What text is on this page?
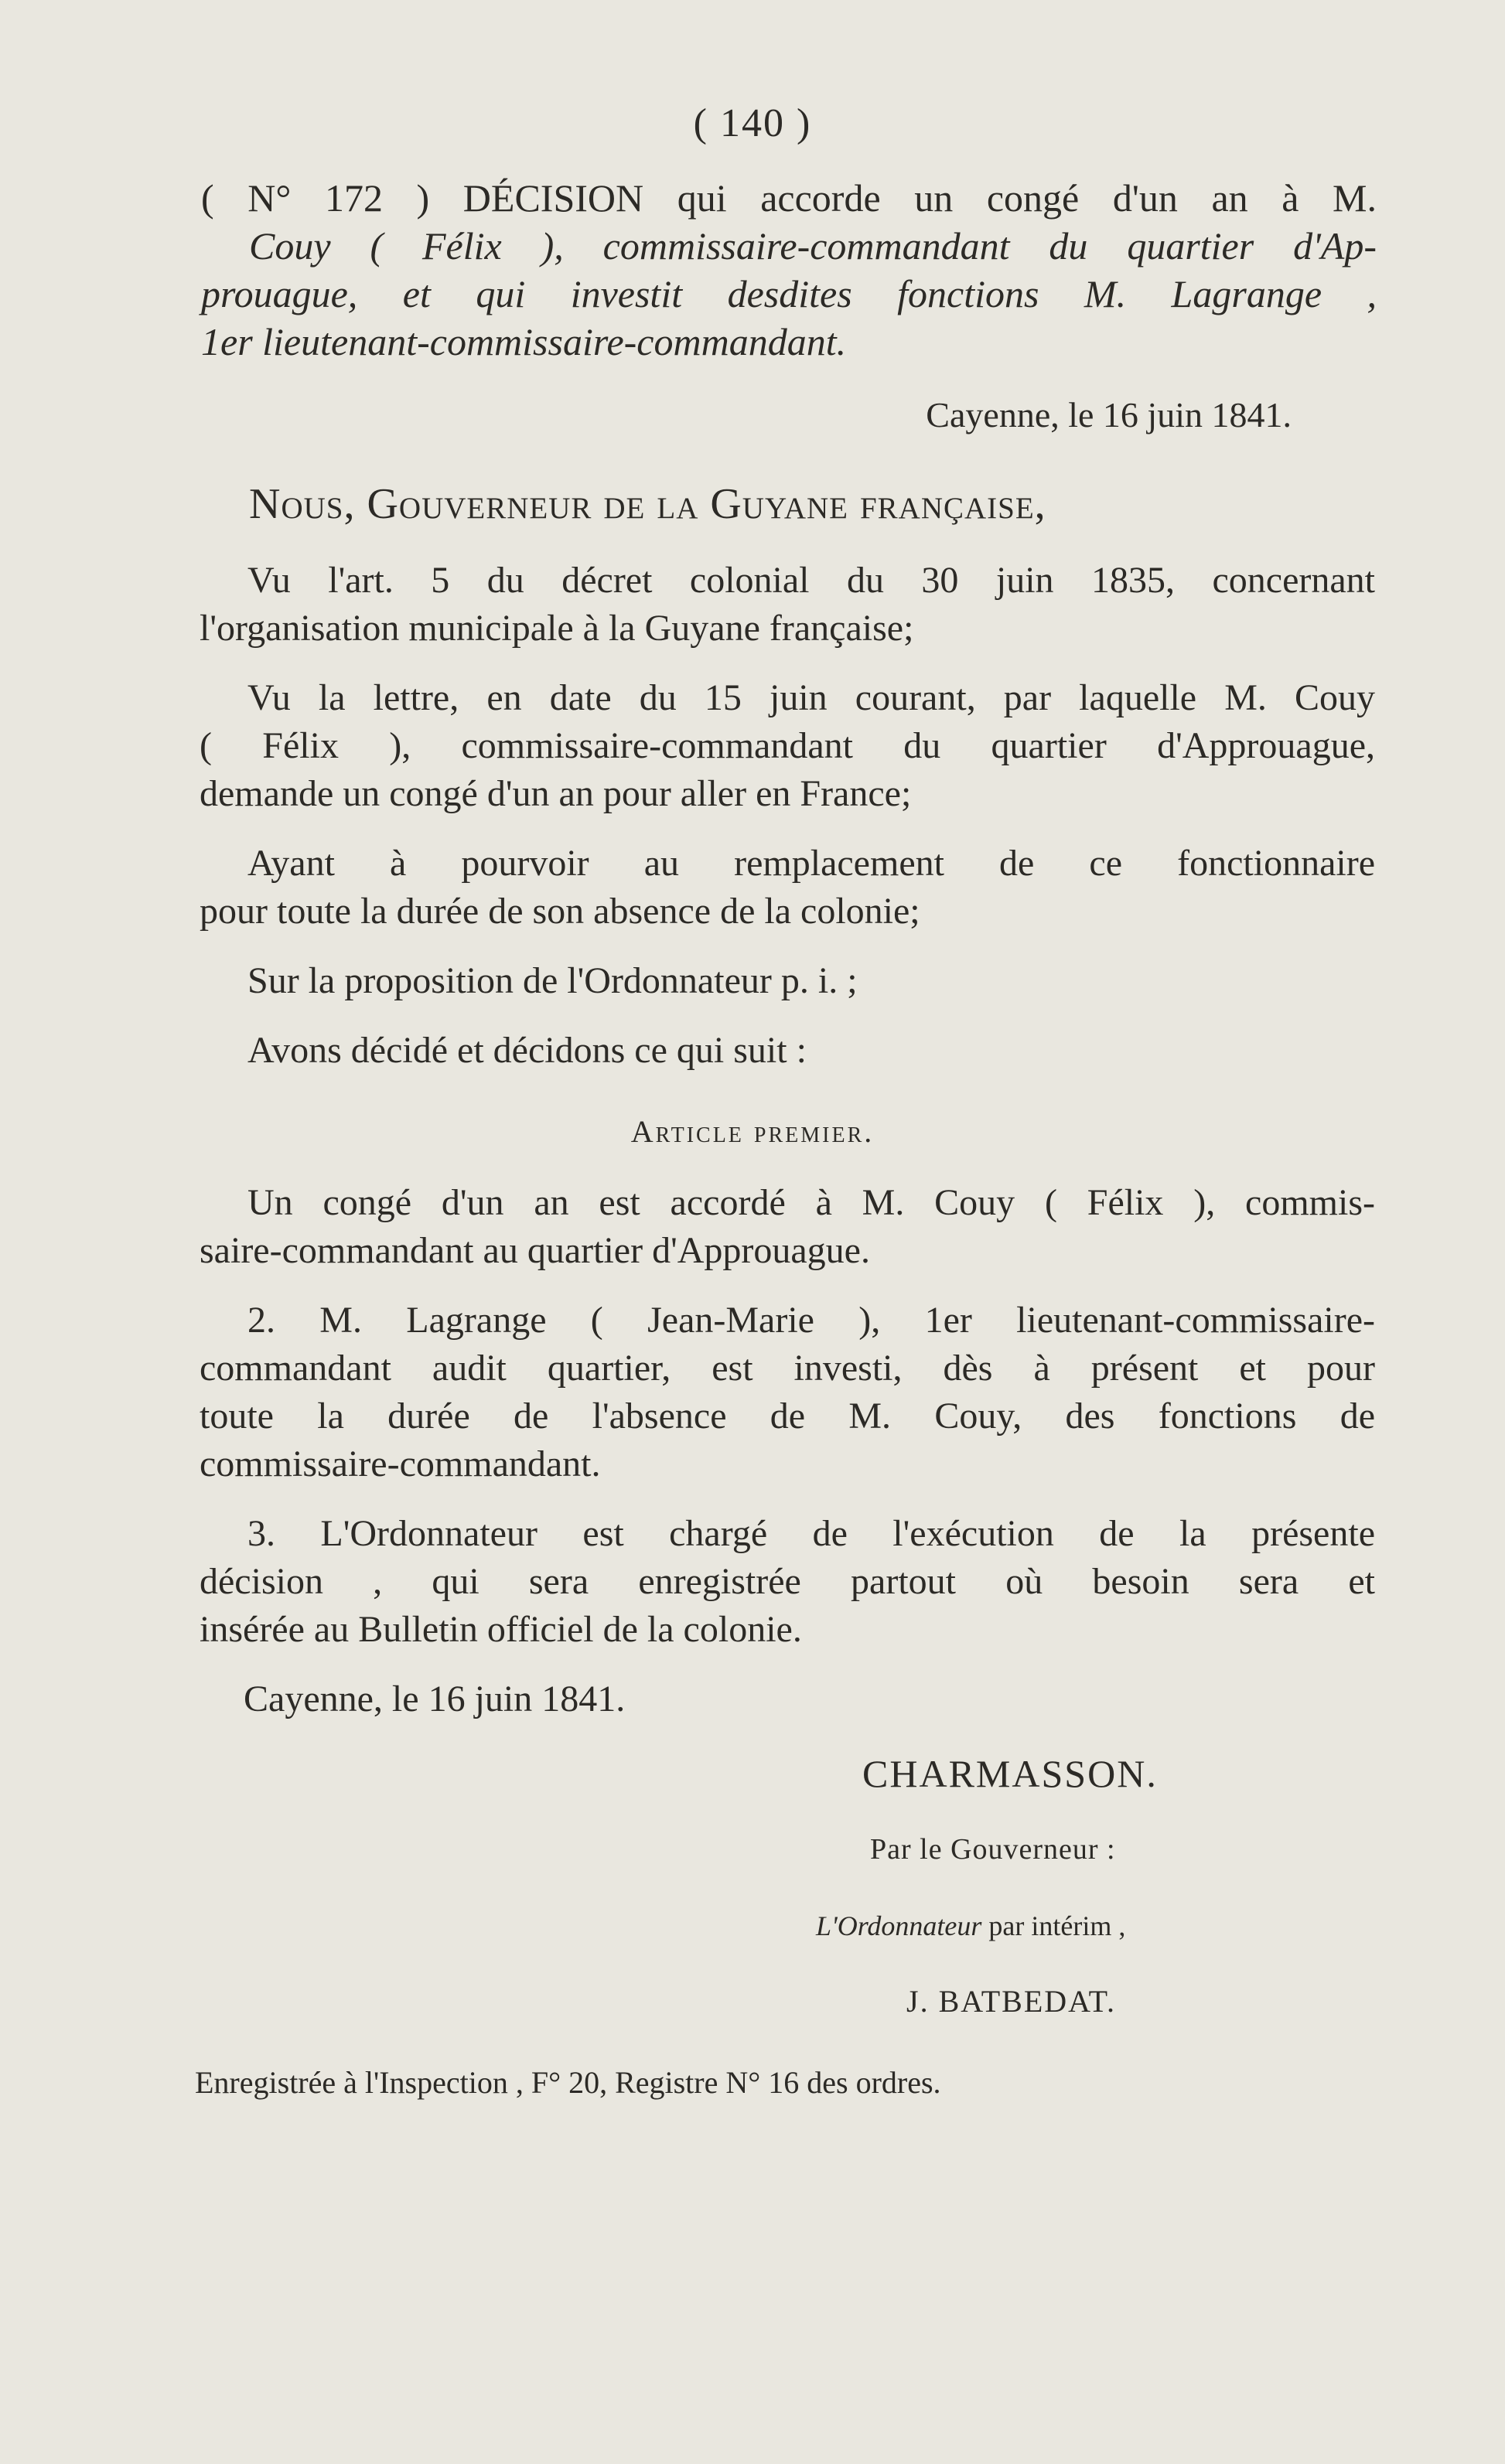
( 140 )
( N° 172 ) DÉCISION qui accorde un congé d'un an à M.
Couy ( Félix ), commissaire-commandant du quartier d'Ap-
prouague, et qui investit desdites fonctions M. Lagrange ,
1er lieutenant-commissaire-commandant.
Cayenne, le 16 juin 1841.
Nous, Gouverneur de la Guyane française,

Vu l'art. 5 du décret colonial du 30 juin 1835, concernant
l'organisation municipale à la Guyane française;

Vu la lettre, en date du 15 juin courant, par laquelle M. Couy
( Félix ), commissaire-commandant du quartier d'Approuague,
demande un congé d'un an pour aller en France;

Ayant à pourvoir au remplacement de ce fonctionnaire
pour toute la durée de son absence de la colonie;

Sur la proposition de l'Ordonnateur p. i. ;

Avons décidé et décidons ce qui suit :

Article premier.

Un congé d'un an est accordé à M. Couy ( Félix ), commis-
saire-commandant au quartier d'Approuague.

2. M. Lagrange ( Jean-Marie ), 1er lieutenant-commissaire-
commandant audit quartier, est investi, dès à présent et pour
toute la durée de l'absence de M. Couy, des fonctions de
commissaire-commandant.

3. L'Ordonnateur est chargé de l'exécution de la présente
décision , qui sera enregistrée partout où besoin sera et
insérée au Bulletin officiel de la colonie.

Cayenne, le 16 juin 1841.
CHARMASSON.
Par le Gouverneur :
L'Ordonnateur par intérim ,
J. BATBEDAT.
Enregistrée à l'Inspection , F° 20, Registre N° 16 des ordres.
